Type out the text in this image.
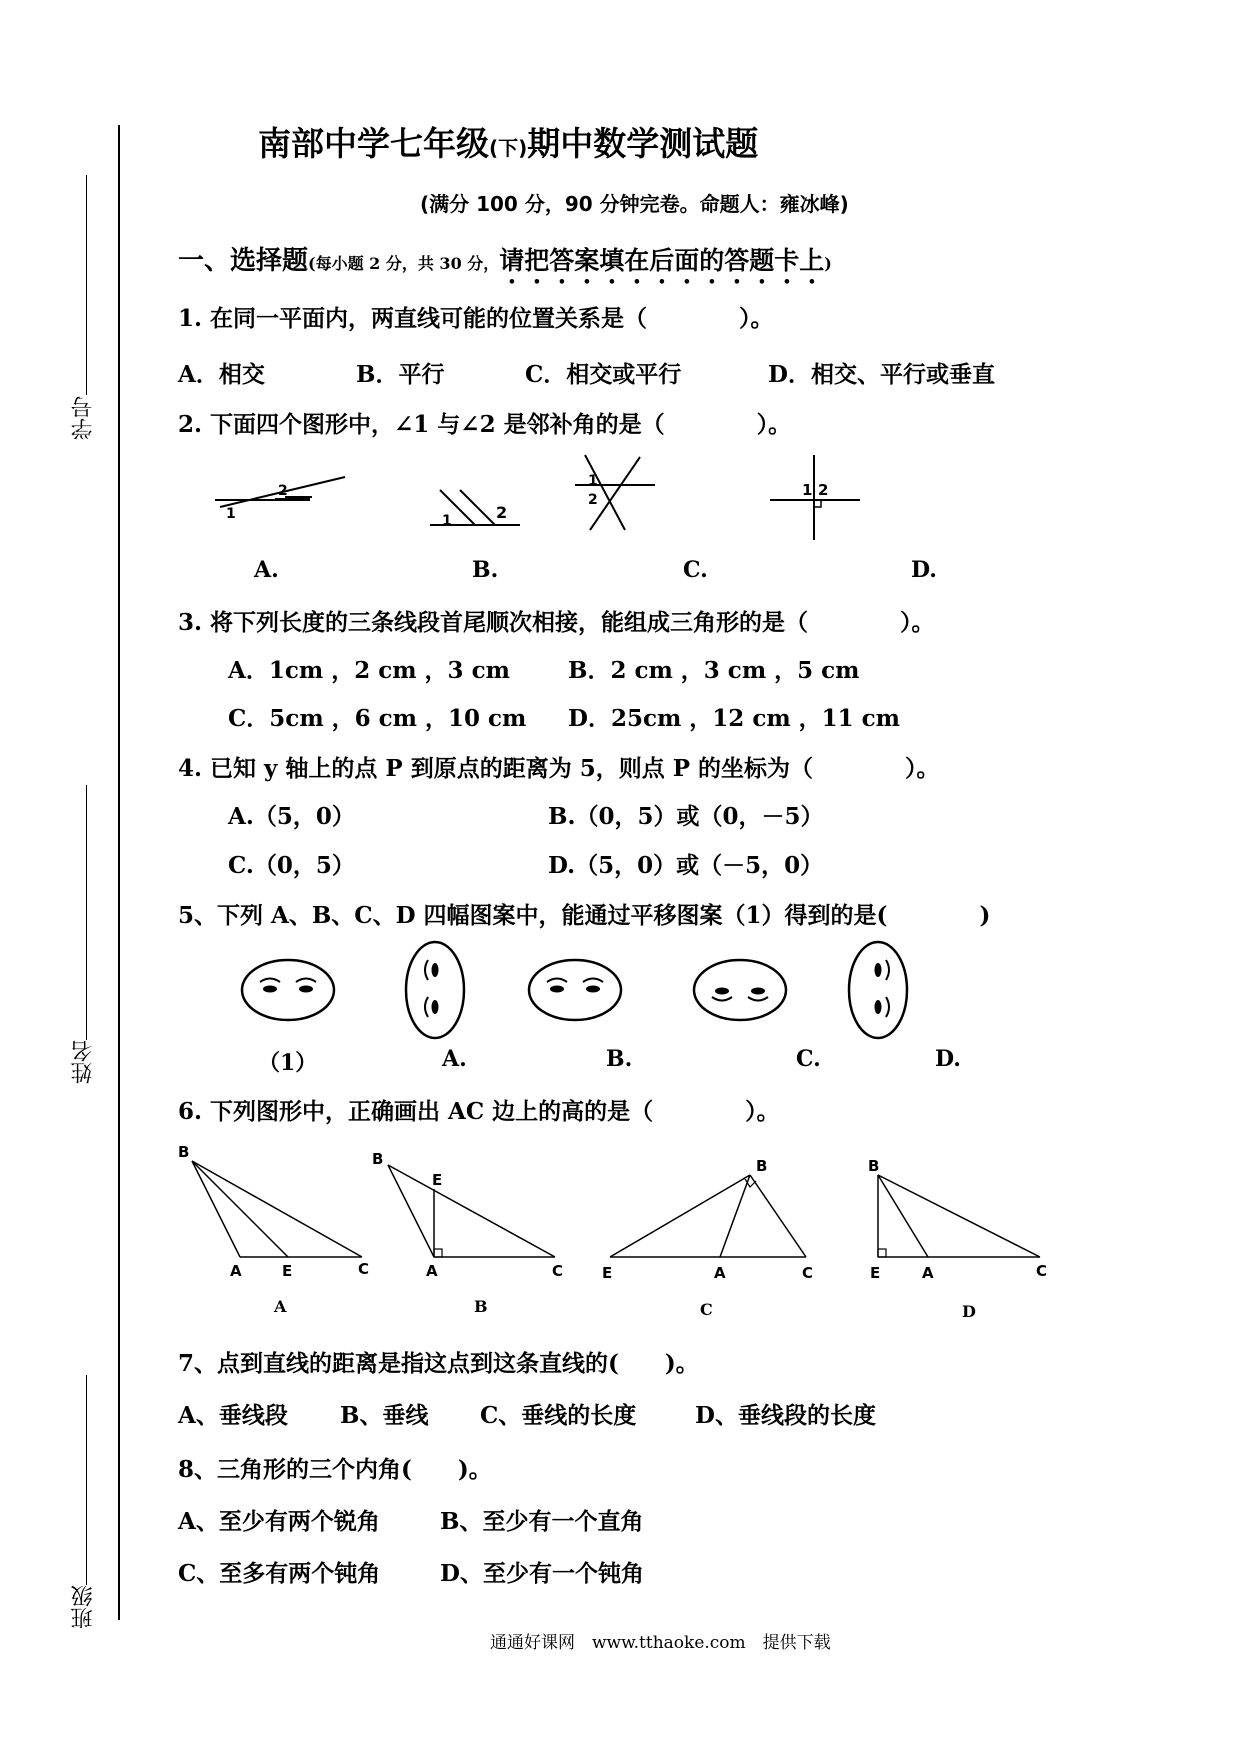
学号
姓名
班级
南部中学七年级(下)期中数学测试题
(满分 100 分，90 分钟完卷。命题人：雍冰峰)
一、选择题(每小题 2 分，共 30 分，请把答案填在后面的答题卡上)
1. 在同一平面内，两直线可能的位置关系是（　　　　）。
A．相交	B．平行	C．相交或平行	D．相交、平行或垂直
2. 下面四个图形中，∠1 与∠2 是邻补角的是（　　　　）。
1
2
1	2
1
2
1 2
A.	B.	C.	D.
3. 将下列长度的三条线段首尾顺次相接，能组成三角形的是（　　　　）。
A．1cm ，2 cm ，3 cm	B．2 cm ，3 cm ，5 cm
C．5cm ，6 cm ，10 cm D．25cm ，12 cm ，11 cm
4. 已知 y 轴上的点 P 到原点的距离为 5，则点 P 的坐标为（　　　　）。
A.（5，0）	B.（0，5）或（0，－5）
C.（0，5）	D.（5，0）或（－5，0）
5、下列 A、B、C、D 四幅图案中，能通过平移图案（1）得到的是(　　　　)
（1）	A.	B.	C.	D.
6. 下列图形中，正确画出 AC 边上的高的是（　　　　）。
B
A	E	C
B
E
A	C
B
E	A	C
B
E	A	C
A	B	C	D
7、点到直线的距离是指这点到这条直线的(　　)。
A、垂线段 B、垂线 C、垂线的长度	D、垂线段的长度
8、三角形的三个内角(　　)。
A、至少有两个锐角	B、至少有一个直角
C、至多有两个钝角	D、至少有一个钝角
通通好课网　www.tthaoke.com　提供下载
